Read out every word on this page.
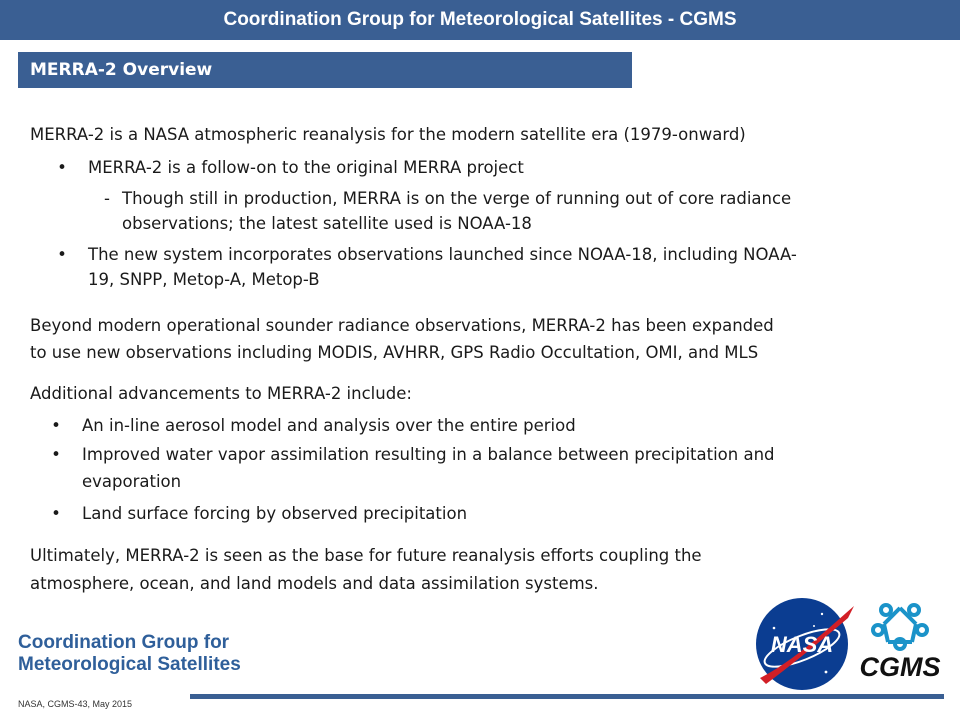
Coordination Group for Meteorological Satellites - CGMS
MERRA-2 Overview
MERRA-2 is a NASA atmospheric reanalysis for the modern satellite era (1979-onward)
• MERRA-2 is a follow-on to the original MERRA project
- Though still in production, MERRA is on the verge of running out of core radiance
observations; the latest satellite used is NOAA-18
• The new system incorporates observations launched since NOAA-18, including NOAA-
19, SNPP, Metop-A, Metop-B
Beyond modern operational sounder radiance observations, MERRA-2 has been expanded
to use new observations including MODIS, AVHRR, GPS Radio Occultation, OMI, and MLS
Additional advancements to MERRA-2 include:
• An in-line aerosol model and analysis over the entire period
• Improved water vapor assimilation resulting in a balance between precipitation and
evaporation
• Land surface forcing by observed precipitation
Ultimately, MERRA-2 is seen as the base for future reanalysis efforts coupling the
atmosphere, ocean, and land models and data assimilation systems.
Coordination Group for
Meteorological Satellites
NASA, CGMS-43, May 2015
NASA
CGMS
